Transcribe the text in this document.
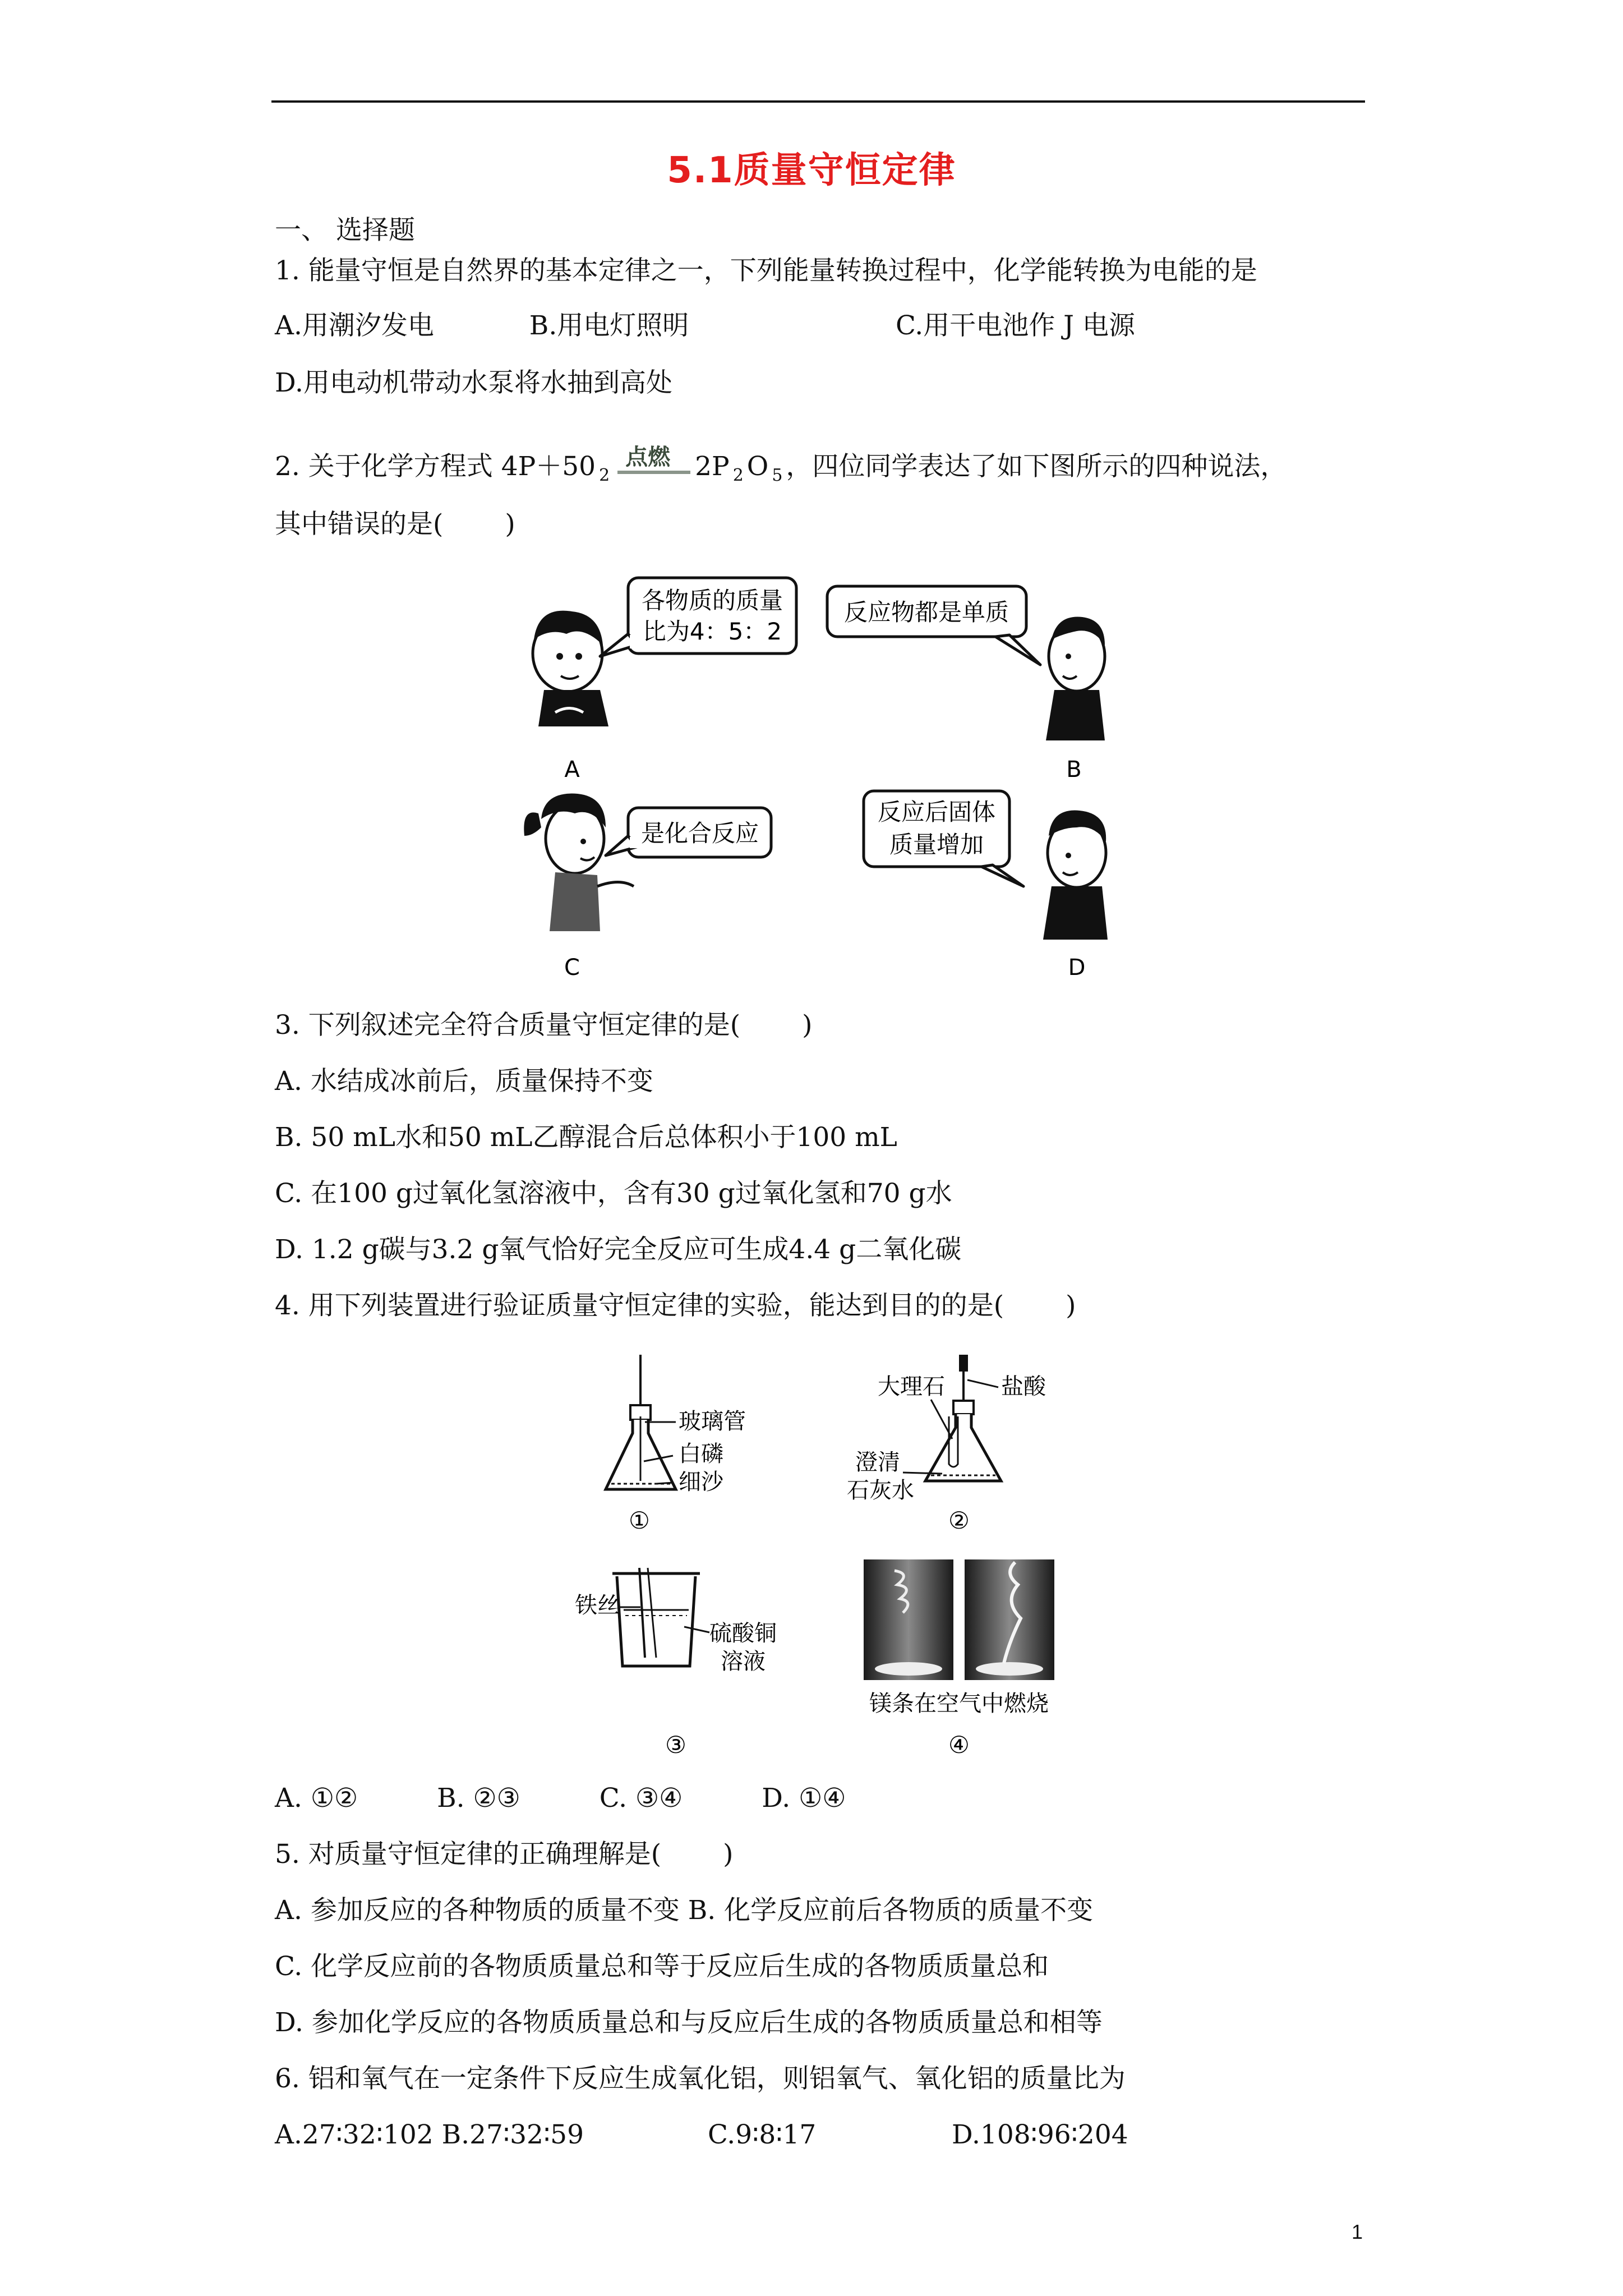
5.1质量守恒定律
一、 选择题
1. 能量守恒是自然界的基本定律之一，下列能量转换过程中，化学能转换为电能的是
A.用潮汐发电	B.用电灯照明	C.用干电池作 J 电源
D.用电动机带动水泵将水抽到高处
2. 关于化学方程式 4P＋50 $_2$
点燃 2P $_2$ O $_5$ ，四位同学表达了如下图所示的四种说法，
其中错误的是( )
各物质的质量
比为4：5：2
A
反应物都是单质
B
是化合反应
C
反应后固体
质量增加
D
3. 下列叙述完全符合质量守恒定律的是( )
A. 水结成冰前后，质量保持不变
B. 50 mL水和50 mL乙醇混合后总体积小于100 mL
C. 在100 g过氧化氢溶液中，含有30 g过氧化氢和70 g水
D. 1.2 g碳与3.2 g氧气恰好完全反应可生成4.4 g二氧化碳
4. 用下列装置进行验证质量守恒定律的实验，能达到目的的是( )
玻璃管
白磷
细沙
①
大理石	盐酸
澄清
石灰水
②
铁丝
硫酸铜
溶液
③
镁条在空气中燃烧
④
A. ①②　　　B. ②③　　　C. ③④　　　D. ①④
5. 对质量守恒定律的正确理解是( )
A. 参加反应的各种物质的质量不变 B. 化学反应前后各物质的质量不变
C. 化学反应前的各物质质量总和等于反应后生成的各物质质量总和
D. 参加化学反应的各物质质量总和与反应后生成的各物质质量总和相等
6. 铝和氧气在一定条件下反应生成氧化铝，则铝氧气、氧化铝的质量比为
A.27∶32∶102 B.27∶32∶59	C.9∶8∶17	D.108∶96∶204
1
